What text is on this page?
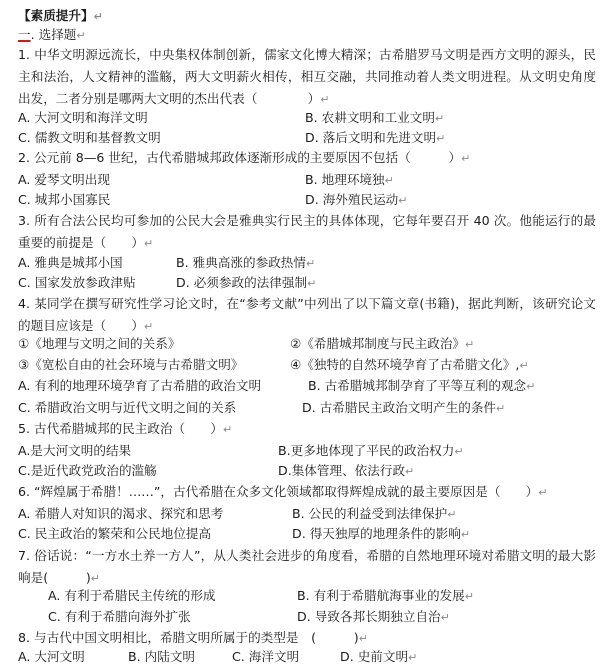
【素质提升】↵
一. 选择题↵
1. 中华文明源远流长，中央集权体制创新，儒家文化博大精深；古希腊罗马文明是西方文明的源头，民主和法治，人文精神的滥觞，两大文明薪火相传，相互交融，共同推动着人类文明进程。从文明史角度出发，二者分别是哪两大文明的杰出代表（　　　　）↵
A. 大河文明和海洋文明	B. 农耕文明和工业文明↵
C. 儒教文明和基督教文明	D. 落后文明和先进文明↵
2. 公元前 8—6 世纪，古代希腊城邦政体逐渐形成的主要原因不包括（　　　）↵
A. 爱琴文明出现	B. 地理环境独↵
C. 城邦小国寡民	D. 海外殖民运动↵
3. 所有合法公民均可参加的公民大会是雅典实行民主的具体体现，它每年要召开 40 次。他能运行的最重要的前提是（　　）↵
A. 雅典是城邦小国	B. 雅典高涨的参政热情↵
C. 国家发放参政津贴	D. 必须参政的法律强制↵
4. 某同学在撰写研究性学习论文时，在“参考文献”中列出了以下篇文章(书籍)，据此判断，该研究论文的题目应该是（　　）↵
①《地理与文明之间的关系》	②《希腊城邦制度与民主政治》↵
③《宽松自由的社会环境与古希腊文明》	④《独特的自然环境孕育了古希腊文化》,↵
A. 有利的地理环境孕育了古希腊的政治文明	B. 古希腊城邦制孕育了平等互利的观念↵
C. 希腊政治文明与近代文明之间的关系	D. 古希腊民主政治文明产生的条件↵
5. 古代希腊城邦的民主政治（　　）↵
A.是大河文明的结果	B.更多地体现了平民的政治权力↵
C.是近代政党政治的滥觞	D.集体管理、依法行政↵
6. “辉煌属于希腊！……”，古代希腊在众多文化领域都取得辉煌成就的最主要原因是（　　）↵
A. 希腊人对知识的渴求、探究和思考	B. 公民的利益受到法律保护↵
C. 民主政治的繁荣和公民地位提高	D. 得天独厚的地理条件的影响↵
7. 俗话说：“一方水土养一方人”，从人类社会进步的角度看，希腊的自然地理环境对希腊文明的最大影响是(　　　)↵
A. 有利于希腊民主传统的形成	B. 有利于希腊航海事业的发展↵
C. 有利于希腊向海外扩张	D. 导致各邦长期独立自治↵
8. 与古代中国文明相比，希腊文明所属于的类型是　(　　　)↵
A. 大河文明	B. 内陆文明	C. 海洋文明	D. 史前文明↵
